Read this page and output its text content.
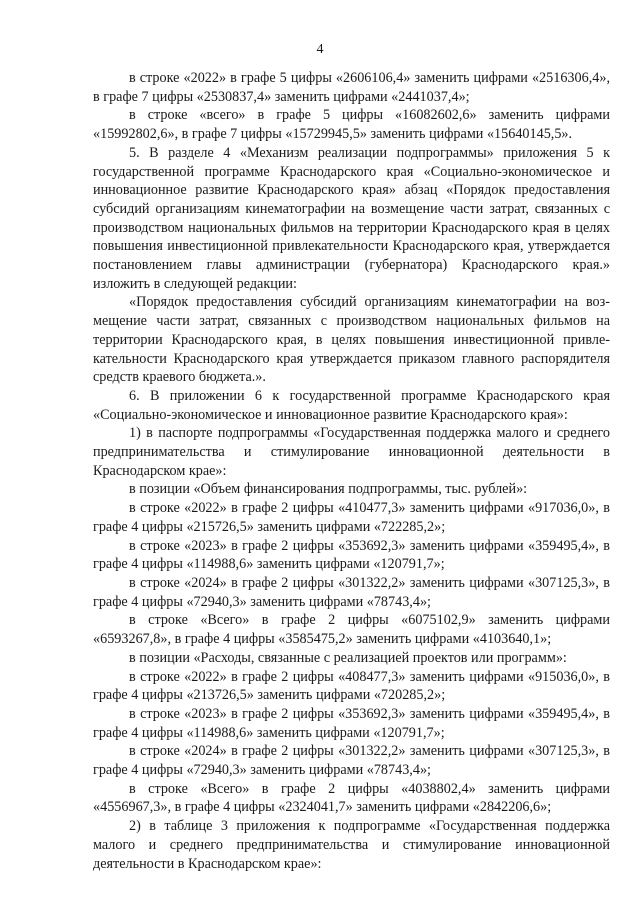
4

в строке «2022» в графе 5 цифры «2606106,4» заменить цифрами «2516306,4», в графе 7 цифры «2530837,4» заменить цифрами «2441037,4»;

в строке «всего» в графе 5 цифры «16082602,6» заменить цифрами «15992802,6», в графе 7 цифры «15729945,5» заменить цифрами «15640145,5».

5. В разделе 4 «Механизм реализации подпрограммы» приложения 5 к государственной программе Краснодарского края «Социально-экономическое и инновационное развитие Краснодарского края» абзац «Порядок предоставления субсидий организациям кинематографии на возмещение части затрат, связанных с производством национальных фильмов на территории Краснодарского края в целях повышения инвестиционной привлекательности Краснодарского края, утверждается постановлением главы администрации (губернатора) Краснодарского края.» изложить в следующей редакции:

«Порядок предоставления субсидий организациям кинематографии на возмещение части затрат, связанных с производством национальных фильмов на территории Краснодарского края, в целях повышения инвестиционной привлекательности Краснодарского края утверждается приказом главного распорядителя средств краевого бюджета.».

6. В приложении 6 к государственной программе Краснодарского края «Социально-экономическое и инновационное развитие Краснодарского края»:

1) в паспорте подпрограммы «Государственная поддержка малого и среднего предпринимательства и стимулирование инновационной деятельности в Краснодарском крае»:

в позиции «Объем финансирования подпрограммы, тыс. рублей»:

в строке «2022» в графе 2 цифры «410477,3» заменить цифрами «917036,0», в графе 4 цифры «215726,5» заменить цифрами «722285,2»;

в строке «2023» в графе 2 цифры «353692,3» заменить цифрами «359495,4», в графе 4 цифры «114988,6» заменить цифрами «120791,7»;

в строке «2024» в графе 2 цифры «301322,2» заменить цифрами «307125,3», в графе 4 цифры «72940,3» заменить цифрами «78743,4»;

в строке «Всего» в графе 2 цифры «6075102,9» заменить цифрами «6593267,8», в графе 4 цифры «3585475,2» заменить цифрами «4103640,1»;

в позиции «Расходы, связанные с реализацией проектов или программ»:

в строке «2022» в графе 2 цифры «408477,3» заменить цифрами «915036,0», в графе 4 цифры «213726,5» заменить цифрами «720285,2»;

в строке «2023» в графе 2 цифры «353692,3» заменить цифрами «359495,4», в графе 4 цифры «114988,6» заменить цифрами «120791,7»;

в строке «2024» в графе 2 цифры «301322,2» заменить цифрами «307125,3», в графе 4 цифры «72940,3» заменить цифрами «78743,4»;

в строке «Всего» в графе 2 цифры «4038802,4» заменить цифрами «4556967,3», в графе 4 цифры «2324041,7» заменить цифрами «2842206,6»;

2) в таблице 3 приложения к подпрограмме «Государственная поддержка малого и среднего предпринимательства и стимулирование инновационной деятельности в Краснодарском крае»:
